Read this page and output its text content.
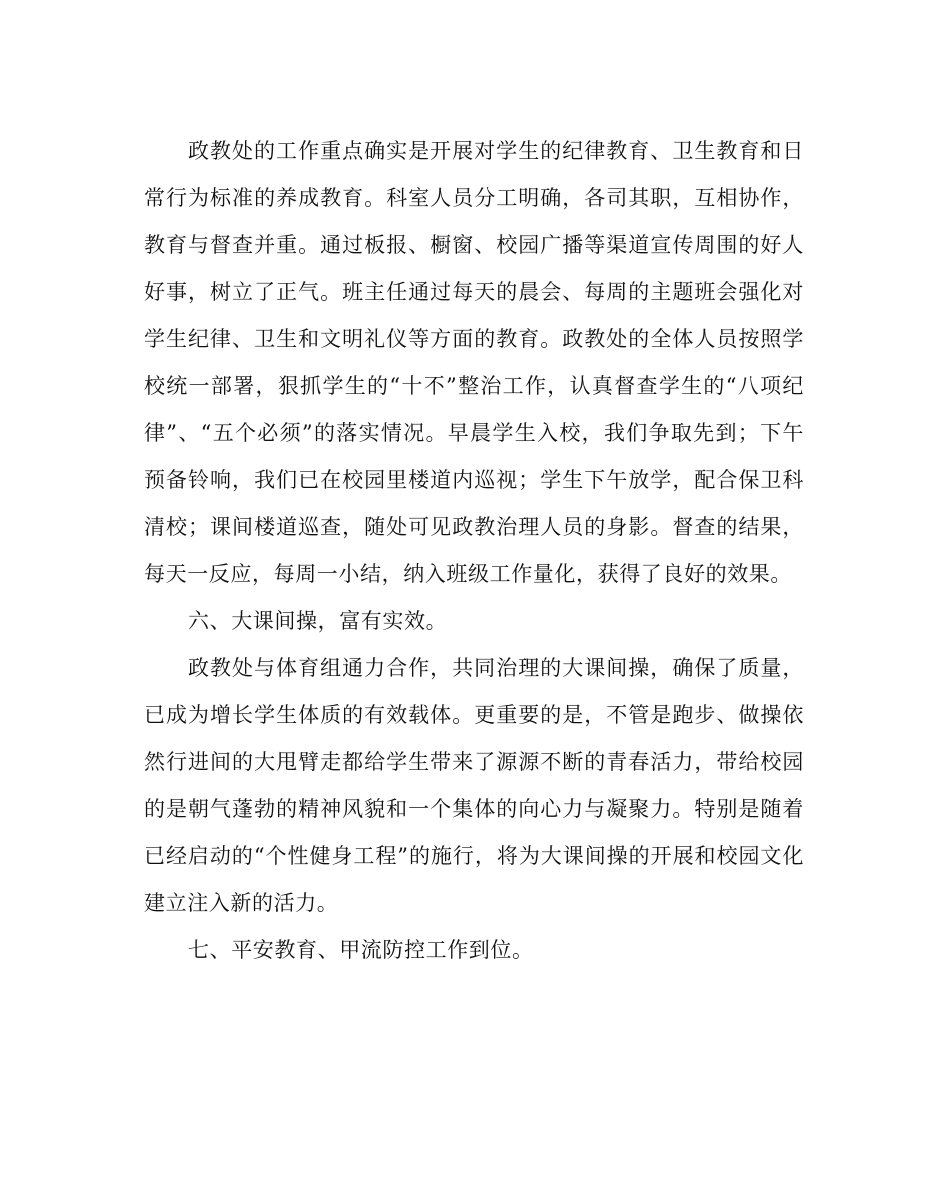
政教处的工作重点确实是开展对学生的纪律教育、卫生教育和日常行为标准的养成教育。科室人员分工明确，各司其职，互相协作，教育与督查并重。通过板报、橱窗、校园广播等渠道宣传周围的好人好事，树立了正气。班主任通过每天的晨会、每周的主题班会强化对学生纪律、卫生和文明礼仪等方面的教育。政教处的全体人员按照学校统一部署，狠抓学生的“十不”整治工作，认真督查学生的“八项纪律”、“五个必须”的落实情况。早晨学生入校，我们争取先到；下午预备铃响，我们已在校园里楼道内巡视；学生下午放学，配合保卫科清校；课间楼道巡查，随处可见政教治理人员的身影。督查的结果，每天一反应，每周一小结，纳入班级工作量化，获得了良好的效果。

六、大课间操，富有实效。

政教处与体育组通力合作，共同治理的大课间操，确保了质量，已成为增长学生体质的有效载体。更重要的是，不管是跑步、做操依然行进间的大甩臂走都给学生带来了源源不断的青春活力，带给校园的是朝气蓬勃的精神风貌和一个集体的向心力与凝聚力。特别是随着已经启动的“个性健身工程”的施行，将为大课间操的开展和校园文化建立注入新的活力。

七、平安教育、甲流防控工作到位。
